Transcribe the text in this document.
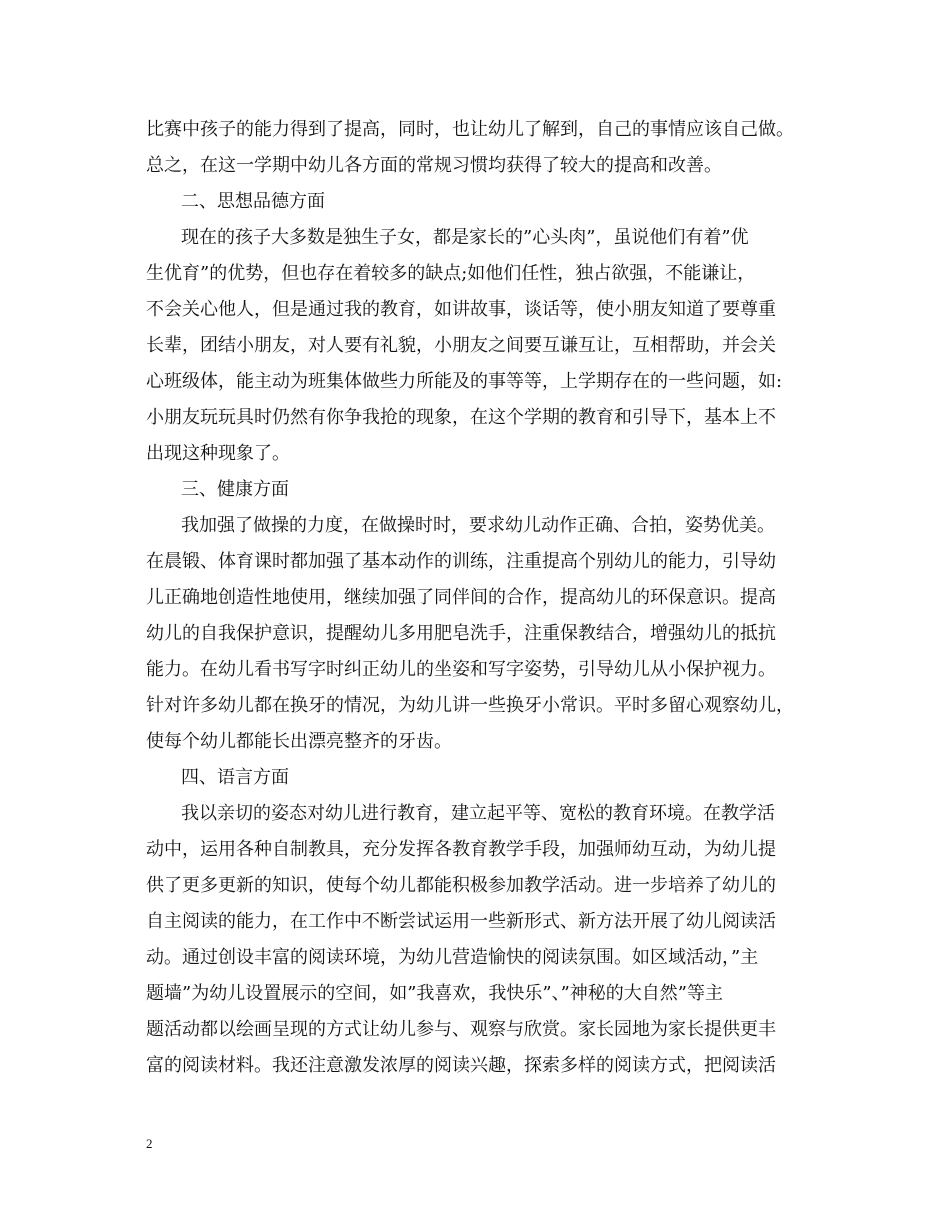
比赛中孩子的能力得到了提高，同时，也让幼儿了解到，自己的事情应该自己做。
总之，在这一学期中幼儿各方面的常规习惯均获得了较大的提高和改善。
二、思想品德方面
现在的孩子大多数是独生子女，都是家长的”心头肉”，虽说他们有着”优
生优育”的优势，但也存在着较多的缺点;如他们任性，独占欲强，不能谦让，
不会关心他人，但是通过我的教育，如讲故事，谈话等，使小朋友知道了要尊重
长辈，团结小朋友，对人要有礼貌，小朋友之间要互谦互让，互相帮助，并会关
心班级体，能主动为班集体做些力所能及的事等等，上学期存在的一些问题，如:
小朋友玩玩具时仍然有你争我抢的现象，在这个学期的教育和引导下，基本上不
出现这种现象了。
三、健康方面
我加强了做操的力度，在做操时时，要求幼儿动作正确、合拍，姿势优美。
在晨锻、体育课时都加强了基本动作的训练，注重提高个别幼儿的能力，引导幼
儿正确地创造性地使用，继续加强了同伴间的合作，提高幼儿的环保意识。提高
幼儿的自我保护意识，提醒幼儿多用肥皂洗手，注重保教结合，增强幼儿的抵抗
能力。在幼儿看书写字时纠正幼儿的坐姿和写字姿势，引导幼儿从小保护视力。
针对许多幼儿都在换牙的情况，为幼儿讲一些换牙小常识。平时多留心观察幼儿，
使每个幼儿都能长出漂亮整齐的牙齿。
四、语言方面
我以亲切的姿态对幼儿进行教育，建立起平等、宽松的教育环境。在教学活
动中，运用各种自制教具，充分发挥各教育教学手段，加强师幼互动，为幼儿提
供了更多更新的知识，使每个幼儿都能积极参加教学活动。进一步培养了幼儿的
自主阅读的能力，在工作中不断尝试运用一些新形式、新方法开展了幼儿阅读活
动。通过创设丰富的阅读环境，为幼儿营造愉快的阅读氛围。如区域活动，”主
题墙”为幼儿设置展示的空间，如”我喜欢，我快乐”、”神秘的大自然”等主
题活动都以绘画呈现的方式让幼儿参与、观察与欣赏。家长园地为家长提供更丰
富的阅读材料。我还注意激发浓厚的阅读兴趣，探索多样的阅读方式，把阅读活
2
